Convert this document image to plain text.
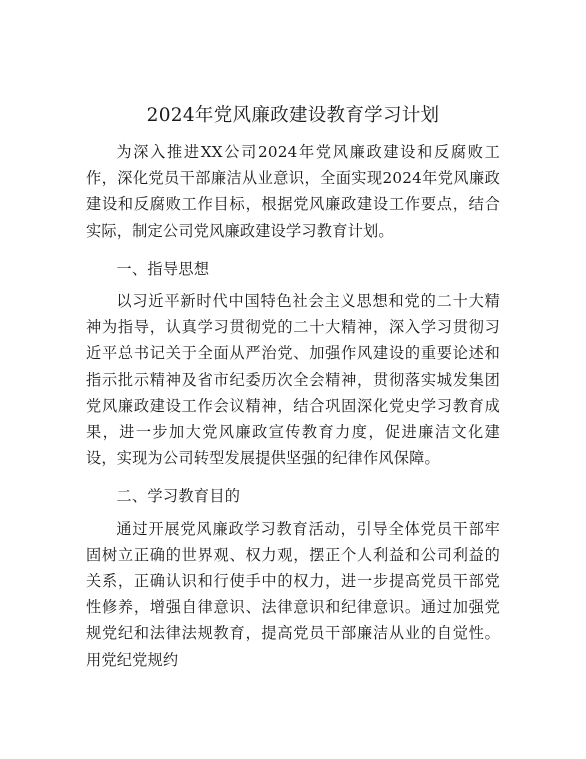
2024年党风廉政建设教育学习计划

为深入推进XX公司2024年党风廉政建设和反腐败工作，深化党员干部廉洁从业意识，全面实现2024年党风廉政建设和反腐败工作目标，根据党风廉政建设工作要点，结合实际，制定公司党风廉政建设学习教育计划。

一、指导思想

以习近平新时代中国特色社会主义思想和党的二十大精神为指导，认真学习贯彻党的二十大精神，深入学习贯彻习近平总书记关于全面从严治党、加强作风建设的重要论述和指示批示精神及省市纪委历次全会精神，贯彻落实城发集团党风廉政建设工作会议精神，结合巩固深化党史学习教育成果，进一步加大党风廉政宣传教育力度，促进廉洁文化建设，实现为公司转型发展提供坚强的纪律作风保障。

二、学习教育目的

通过开展党风廉政学习教育活动，引导全体党员干部牢固树立正确的世界观、权力观，摆正个人利益和公司利益的关系，正确认识和行使手中的权力，进一步提高党员干部党性修养，增强自律意识、法律意识和纪律意识。通过加强党规党纪和法律法规教育，提高党员干部廉洁从业的自觉性。用党纪党规约
